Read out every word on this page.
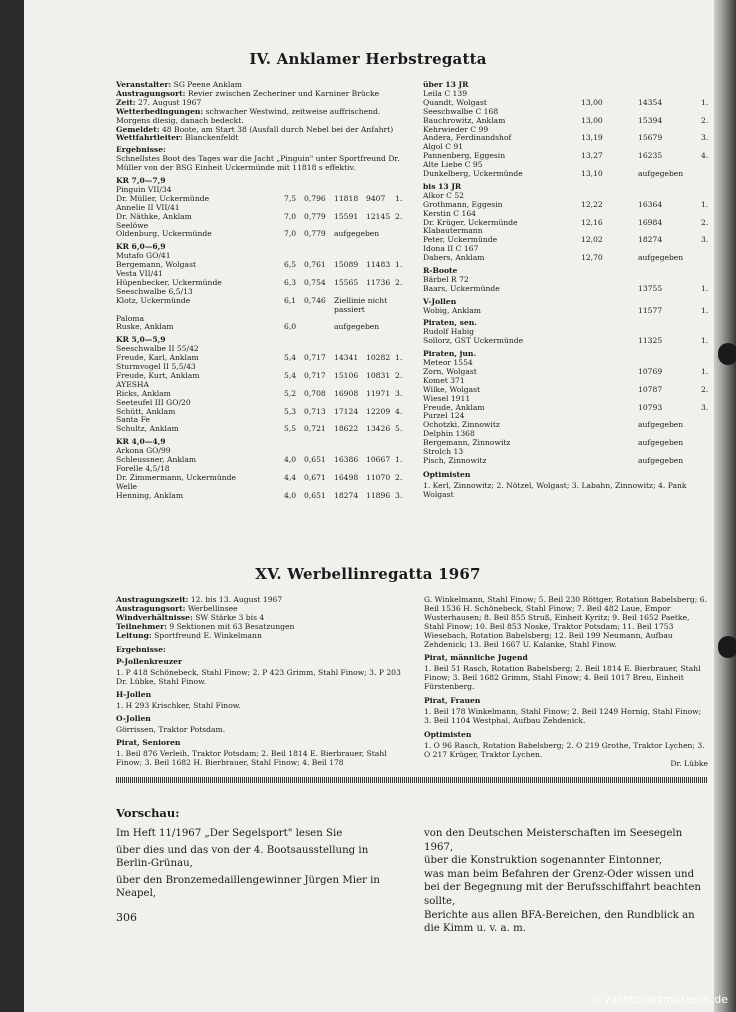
IV. Anklamer Herbstregatta

Veranstalter: SG Peene Anklam

Austragungsort: Revier zwischen Zecheriner und Karniner Brücke

Zeit: 27. August 1967

Wetterbedingungen: schwacher Westwind, zeitweise auffrischend. Morgens diesig, danach bedeckt.

Gemeldet: 48 Boote, am Start 38 (Ausfall durch Nebel bei der Anfahrt)

Wettfahrtleiter: Blanckenfeldt

Ergebnisse:

Schnellstes Boot des Tages war die Jacht „Pinguin" unter Sportfreund Dr. Müller von der BSG Einheit Uckermünde mit 11818 s effektiv.

KR 7,0—7,9

Pinguin VII/34

Dr. Müller, Uckermünde	7,5 0,796 11818 9407 1.

Annelie II VII/41

Dr. Näthke, Anklam	7,0 0,779 15591 12145 2.

Seelöwe

Oldenburg, Uckermünde	7,0 0,779 aufgegeben

KR 6,0—6,9

Mutafo GO/41

Bergemann, Wolgast	6,5 0,761 15089 11483 1.

Vesta VII/41

Hüpenbecker, Uckermünde	6,3 0,754 15565 11736 2.

Seeschwalbe 6,5/13

Klotz, Uckermünde	6,1 0,746 Ziellinie nicht
passiert

Paloma

Ruske, Anklam	6,0	aufgegeben

KR 5,0—5,9

Seeschwalbe II 55/42

Freude, Karl, Anklam	5,4 0,717 14341 10282 1.

Sturmvogel II 5,5/43

Freude, Kurt, Anklam	5,4 0,717 15106 10831 2.

AYESHA

Ricks, Anklam	5,2 0,708 16908 11971 3.

Seeteufel III GO/20

Schütt, Anklam	5,3 0,713 17124 12209 4.

Santa Fe

Schultz, Anklam	5,5 0,721 18622 13426 5.

KR 4,0—4,9

Arkona GO/99

Schleussner, Anklam	4,0 0,651 16386 10667 1.

Forelle 4,5/18

Dr. Zimmermann, Uckermünde	4,4 0,671 16498 11070 2.

Welle

Henning, Anklam	4,0 0,651 18274 11896 3.

über 13 JR

Leila C 139

Quandt, Wolgast	13,00	14354	1.

Seeschwalbe C 168

Bauchrowitz, Anklam	13,00	15394	2.

Kehrwieder C 99

Andera, Ferdinandshof	13,19	15679	3.

Algol C 91

Pannenberg, Eggesin	13,27	16235	4.

Alte Liebe C 95

Dunkelberg, Uckermünde	13,10	aufgegeben

bis 13 JR

Alkor C 52

Grothmann, Eggesin	12,22	16364	1.

Kerstin C 164

Dr. Krüger, Uckermünde	12,16	16984	2.

Klabautermann

Peter, Uckermünde	12,02	18274	3.

Idona II C 167

Dabers, Anklam	12,70	aufgegeben

R-Boote

Bärbel R 72

Baars, Uckermünde	13755	1.

V-Jollen

Wobig, Anklam	11577	1.

Piraten, sen.

Rudolf Habig

Sollorz, GST Uckermünde	11325	1.

Piraten, jun.

Meteor 1554

Zorn, Wolgast	10769	1.

Komet 371

Wilke, Wolgast	10787	2.

Wiesel 1911

Freude, Anklam	10793	3.

Purzel 124

Ochotzki, Zinnowitz	aufgegeben

Delphin 1368

Bergemann, Zinnowitz	aufgegeben

Strolch 13

Pisch, Zinnowitz	aufgegeben

Optimisten

1. Kerl, Zinnowitz; 2. Nötzel, Wolgast; 3. Labahn, Zinnowitz; 4. Pank Wolgast

XV. Werbellinregatta 1967

Austragungszeit: 12. bis 13. August 1967

Austragungsort: Werbellinsee

Windverhältnisse: SW Stärke 3 bis 4

Teilnehmer: 9 Sektionen mit 63 Besatzungen

Leitung: Sportfreund E. Winkelmann

Ergebnisse:

P-Jollenkreuzer

1. P 418 Schönebeck, Stahl Finow; 2. P 423 Grimm, Stahl Finow; 3. P 203 Dr. Lübke, Stahl Finow.

H-Jollen

1. H 293 Krischker, Stahl Finow.

O-Jollen

Görrissen, Traktor Potsdam.

Pirat, Senioren

1. Beil 876 Verleih, Traktor Potsdam; 2. Beil 1814 E. Bierbrauer, Stahl Finow; 3. Beil 1682 H. Bierbrauer, Stahl Finow; 4. Beil 178

G. Winkelmann, Stahl Finow; 5. Beil 230 Röttger, Rotation Babelsberg; 6. Beil 1536 H. Schönebeck, Stahl Finow; 7. Beil 482 Laue, Empor Wusterhausen; 8. Beil 855 Struß, Einheit Kyritz; 9. Beil 1652 Paetke, Stahl Finow; 10. Beil 853 Noske, Traktor Potsdam; 11. Beil 1753 Wiesebach, Rotation Babelsberg; 12. Beil 199 Neumann, Aufbau Zehdenick; 13. Beil 1667 U. Kalanke, Stahl Finow.

Pirat, männliche Jugend

1. Beil 51 Rasch, Rotation Babelsberg; 2. Beil 1814 E. Bierbrauer, Stahl Finow; 3. Beil 1682 Grimm, Stahl Finow; 4. Beil 1017 Breu, Einheit Fürstenberg.

Pirat, Frauen

1. Beil 178 Winkelmann, Stahl Finow; 2. Beil 1249 Hornig, Stahl Finow; 3. Beil 1104 Westphal, Aufbau Zehdenick.

Optimisten

1. O 96 Rasch, Rotation Babelsberg; 2. O 219 Grothe, Traktor Lychen; 3. O 217 Krüger, Traktor Lychen.

Dr. Lübke

Vorschau:

Im Heft 11/1967 „Der Segelsport" lesen Sie

über dies und das von der 4. Bootsausstellung in Berlin-Grünau,

über den Bronzemedaillengewinner Jürgen Mier in Neapel,

von den Deutschen Meisterschaften im Seesegeln 1967,

über die Konstruktion sogenannter Eintonner,

was man beim Befahren der Grenz-Oder wissen und bei der Begegnung mit der Berufsschiffahrt beachten sollte,

Berichte aus allen BFA-Bereichen, den Rundblick an die Kimm u. v. a. m.

306
© yachtsportmuseum.de
